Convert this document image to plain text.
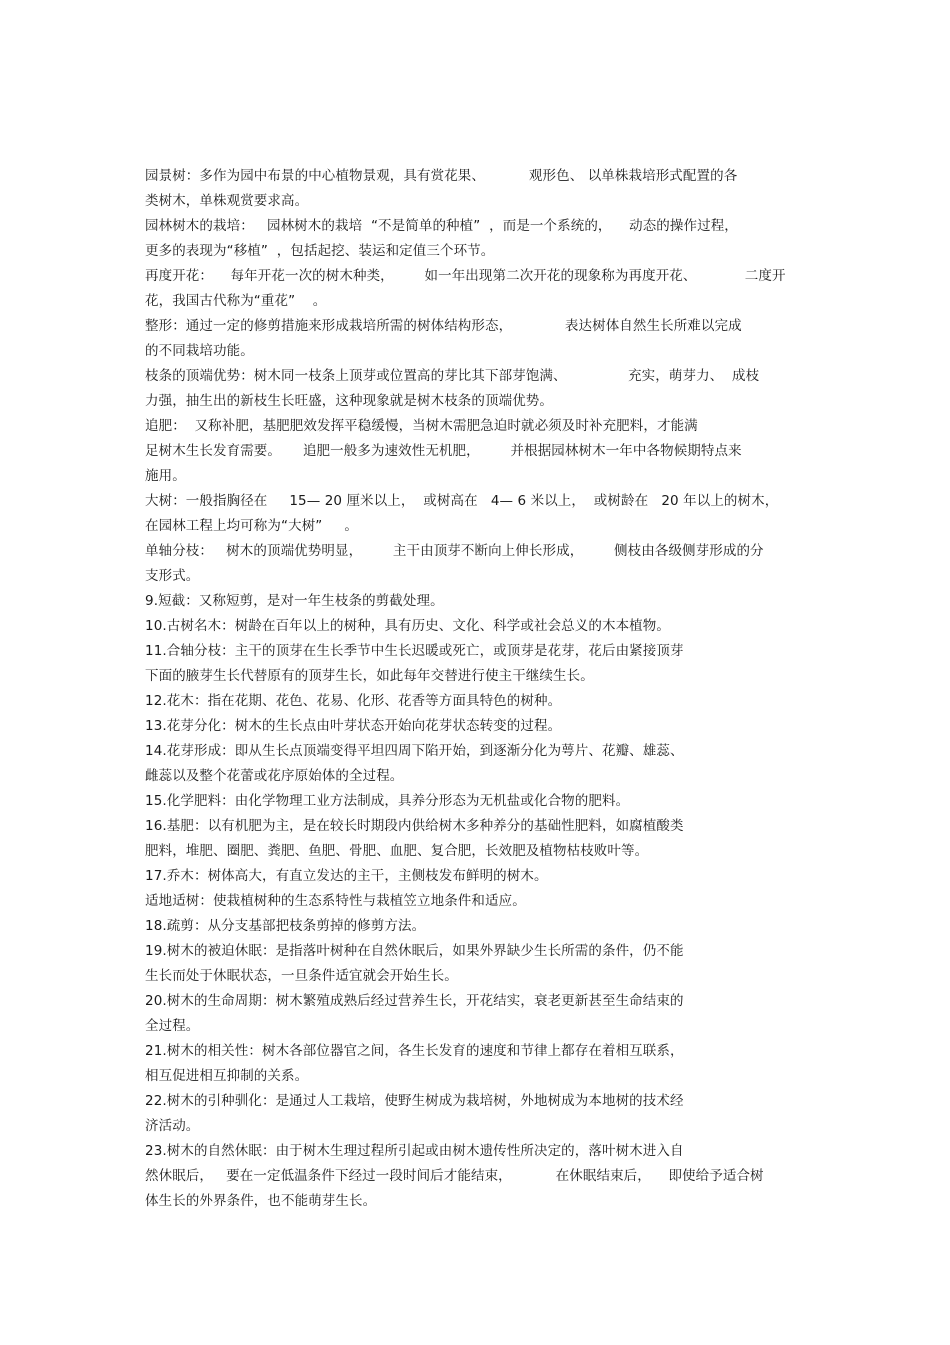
园景树：多作为园中布景的中心植物景观，具有赏花果、          观形色、 以单株栽培形式配置的各
类树木，单株观赏要求高。
园林树木的栽培：   园林树木的栽培  “不是简单的种植”  ，而是一个系统的，    动态的操作过程，
更多的表现为“移植”  ，包括起挖、装运和定值三个环节。
再度开花：    每年开花一次的树木种类，       如一年出现第二次开花的现象称为再度开花、           二度开
花，我国古代称为“重花”    。
整形：通过一定的修剪措施来形成栽培所需的树体结构形态，            表达树体自然生长所难以完成
的不同栽培功能。
枝条的顶端优势：树木同一枝条上顶芽或位置高的芽比其下部芽饱满、              充实，萌芽力、  成枝
力强，抽生出的新枝生长旺盛，这种现象就是树木枝条的顶端优势。
追肥：  又称补肥，基肥肥效发挥平稳缓慢，当树木需肥急迫时就必须及时补充肥料，才能满
足树木生长发育需要。     追肥一般多为速效性无机肥，       并根据园林树木一年中各物候期特点来
施用。
大树：一般指胸径在     15— 20 厘米以上，  或树高在   4— 6 米以上，  或树龄在   20 年以上的树木，
在园林工程上均可称为“大树”     。
单轴分枝：   树木的顶端优势明显，       主干由顶芽不断向上伸长形成，       侧枝由各级侧芽形成的分
支形式。
9.短截：又称短剪，是对一年生枝条的剪截处理。
10.古树名木：树龄在百年以上的树种，具有历史、文化、科学或社会总义的木本植物。
11.合轴分枝：主干的顶芽在生长季节中生长迟暖或死亡，或顶芽是花芽，花后由紧接顶芽
下面的腋芽生长代替原有的顶芽生长，如此每年交替进行使主干继续生长。
12.花木：指在花期、花色、花易、化形、花香等方面具特色的树种。
13.花芽分化：树木的生长点由叶芽状态开始向花芽状态转变的过程。
14.花芽形成：即从生长点顶端变得平坦四周下陷开始，到逐渐分化为萼片、花瓣、雄蕊、
雌蕊以及整个花蕾或花序原始体的全过程。
15.化学肥料：由化学物理工业方法制成，具养分形态为无机盐或化合物的肥料。
16.基肥：以有机肥为主，是在较长时期段内供给树木多种养分的基础性肥料，如腐植酸类
肥料，堆肥、圈肥、粪肥、鱼肥、骨肥、血肥、复合肥，长效肥及植物枯枝败叶等。
17.乔木：树体高大，有直立发达的主干，主侧枝发布鲜明的树木。
适地适树：使栽植树种的生态系特性与栽植笠立地条件和适应。
18.疏剪：从分支基部把枝条剪掉的修剪方法。
19.树木的被迫休眠：是指落叶树种在自然休眠后，如果外界缺少生长所需的条件，仍不能
生长而处于休眠状态，一旦条件适宜就会开始生长。
20.树木的生命周期：树木繁殖成熟后经过营养生长，开花结实，衰老更新甚至生命结束的
全过程。
21.树木的相关性：树木各部位器官之间，各生长发育的速度和节律上都存在着相互联系，
相互促进相互抑制的关系。
22.树木的引种驯化：是通过人工栽培，使野生树成为栽培树，外地树成为本地树的技术经
济活动。
23.树木的自然休眠：由于树木生理过程所引起或由树木遗传性所决定的，落叶树木进入自
然休眠后，   要在一定低温条件下经过一段时间后才能结束，          在休眠结束后，    即使给予适合树
体生长的外界条件，也不能萌芽生长。
